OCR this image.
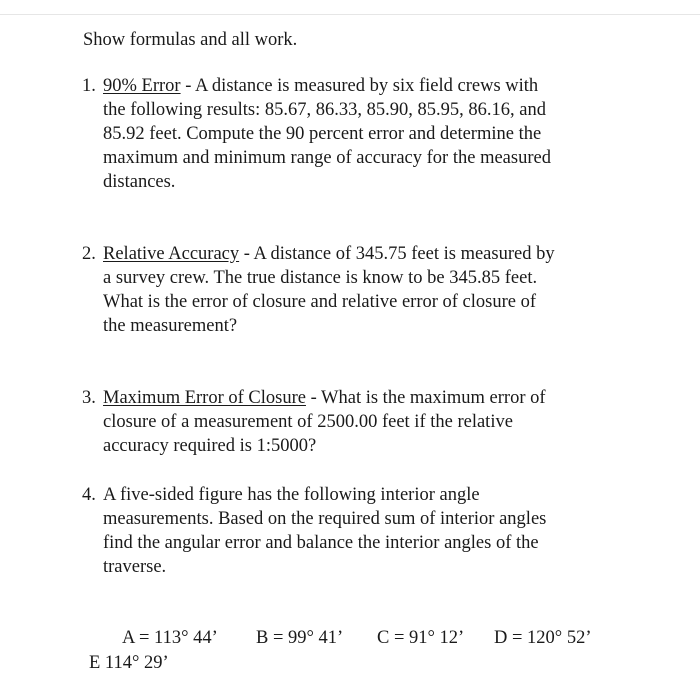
Show formulas and all work.

1. 90% Error - A distance is measured by six field crews with
the following results: 85.67, 86.33, 85.90, 85.95, 86.16, and
85.92 feet. Compute the 90 percent error and determine the
maximum and minimum range of accuracy for the measured
distances.
2. Relative Accuracy - A distance of 345.75 feet is measured by
a survey crew. The true distance is know to be 345.85 feet.
What is the error of closure and relative error of closure of
the measurement?
3. Maximum Error of Closure - What is the maximum error of
closure of a measurement of 2500.00 feet if the relative
accuracy required is 1:5000?
4. A five-sided figure has the following interior angle
measurements. Based on the required sum of interior angles
find the angular error and balance the interior angles of the
traverse.
A = 113° 44’ B = 99° 41’ C = 91° 12’ D = 120° 52’
E 114° 29’
